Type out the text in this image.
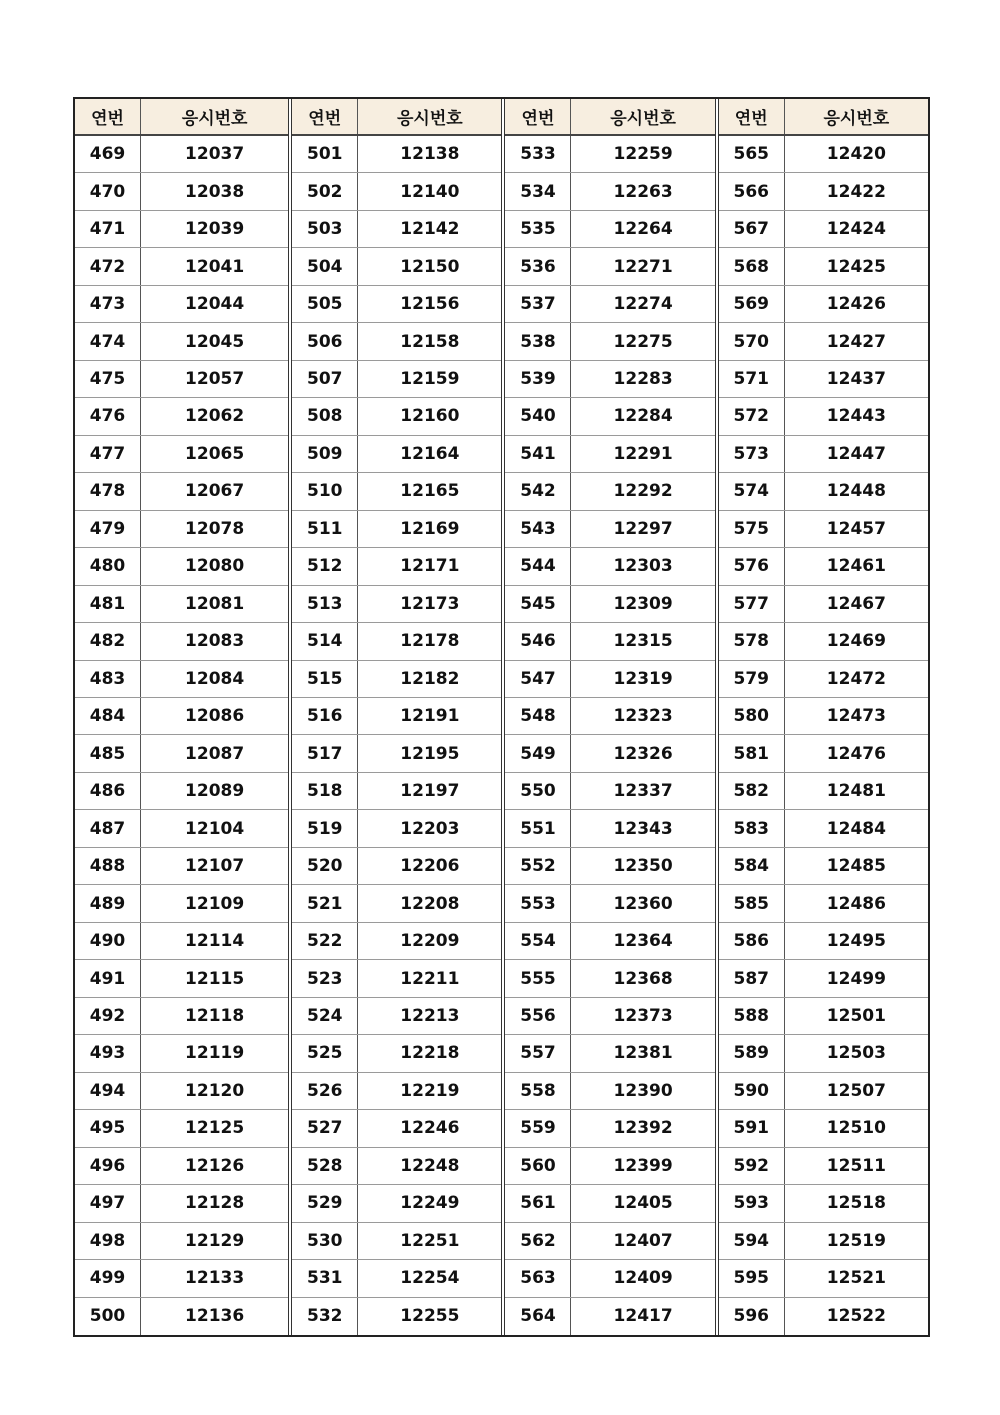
연번	응시번호
469	12037
470	12038
471	12039
472	12041
473	12044
474	12045
475	12057
476	12062
477	12065
478	12067
479	12078
480	12080
481	12081
482	12083
483	12084
484	12086
485	12087
486	12089
487	12104
488	12107
489	12109
490	12114
491	12115
492	12118
493	12119
494	12120
495	12125
496	12126
497	12128
498	12129
499	12133
500	12136
연번	응시번호
501	12138
502	12140
503	12142
504	12150
505	12156
506	12158
507	12159
508	12160
509	12164
510	12165
511	12169
512	12171
513	12173
514	12178
515	12182
516	12191
517	12195
518	12197
519	12203
520	12206
521	12208
522	12209
523	12211
524	12213
525	12218
526	12219
527	12246
528	12248
529	12249
530	12251
531	12254
532	12255
연번	응시번호
533	12259
534	12263
535	12264
536	12271
537	12274
538	12275
539	12283
540	12284
541	12291
542	12292
543	12297
544	12303
545	12309
546	12315
547	12319
548	12323
549	12326
550	12337
551	12343
552	12350
553	12360
554	12364
555	12368
556	12373
557	12381
558	12390
559	12392
560	12399
561	12405
562	12407
563	12409
564	12417
연번	응시번호
565	12420
566	12422
567	12424
568	12425
569	12426
570	12427
571	12437
572	12443
573	12447
574	12448
575	12457
576	12461
577	12467
578	12469
579	12472
580	12473
581	12476
582	12481
583	12484
584	12485
585	12486
586	12495
587	12499
588	12501
589	12503
590	12507
591	12510
592	12511
593	12518
594	12519
595	12521
596	12522
